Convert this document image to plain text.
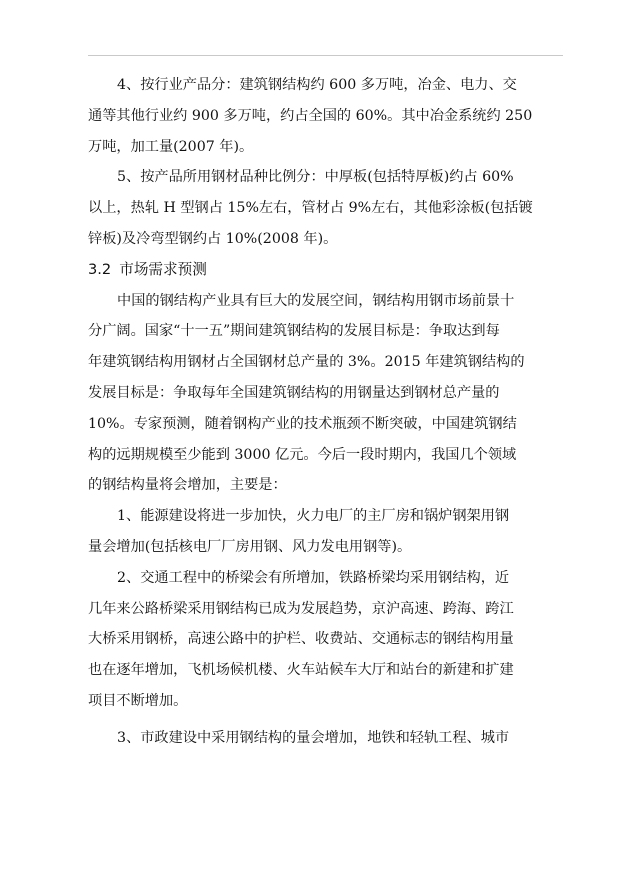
4、按行业产品分：建筑钢结构约 600 多万吨，冶金、电力、交
通等其他行业约 900 多万吨，约占全国的 60%。其中冶金系统约 250
万吨，加工量(2007 年)。
5、按产品所用钢材品种比例分：中厚板(包括特厚板)约占 60%
以上，热轧 H 型钢占 15%左右，管材占 9%左右，其他彩涂板(包括镀
锌板)及冷弯型钢约占 10%(2008 年)。
3.2 市场需求预测
中国的钢结构产业具有巨大的发展空间，钢结构用钢市场前景十
分广阔。国家“十一五”期间建筑钢结构的发展目标是：争取达到每
年建筑钢结构用钢材占全国钢材总产量的 3%。2015 年建筑钢结构的
发展目标是：争取每年全国建筑钢结构的用钢量达到钢材总产量的
10%。专家预测，随着钢构产业的技术瓶颈不断突破，中国建筑钢结
构的远期规模至少能到 3000 亿元。今后一段时期内，我国几个领域
的钢结构量将会增加，主要是：
1、能源建设将进一步加快，火力电厂的主厂房和锅炉钢架用钢
量会增加(包括核电厂厂房用钢、风力发电用钢等)。
2、交通工程中的桥梁会有所增加，铁路桥梁均采用钢结构，近
几年来公路桥梁采用钢结构已成为发展趋势，京沪高速、跨海、跨江
大桥采用钢桥，高速公路中的护栏、收费站、交通标志的钢结构用量
也在逐年增加，飞机场候机楼、火车站候车大厅和站台的新建和扩建
项目不断增加。
3、市政建设中采用钢结构的量会增加，地铁和轻轨工程、城市
